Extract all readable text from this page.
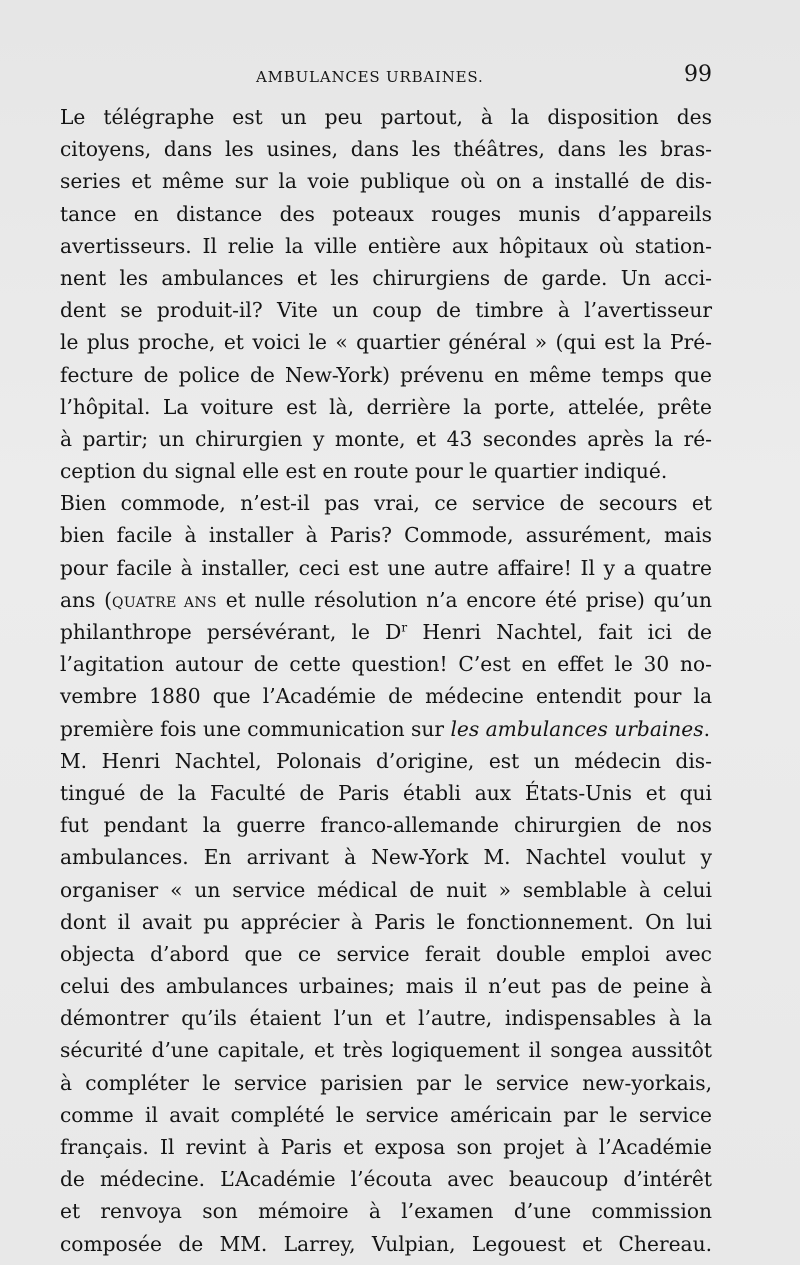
AMBULANCES URBAINES.	99
Le télégraphe est un peu partout, à la disposition des
citoyens, dans les usines, dans les théâtres, dans les bras-
series et même sur la voie publique où on a installé de dis-
tance en distance des poteaux rouges munis d’appareils
avertisseurs. Il relie la ville entière aux hôpitaux où station-
nent les ambulances et les chirurgiens de garde. Un acci-
dent se produit-il? Vite un coup de timbre à l’avertisseur
le plus proche, et voici le « quartier général » (qui est la Pré-
fecture de police de New-York) prévenu en même temps que
l’hôpital. La voiture est là, derrière la porte, attelée, prête
à partir; un chirurgien y monte, et 43 secondes après la ré-
ception du signal elle est en route pour le quartier indiqué.
Bien commode, n’est-il pas vrai, ce service de secours et
bien facile à installer à Paris? Commode, assurément, mais
pour facile à installer, ceci est une autre affaire! Il y a quatre
ans (QUATRE ANS et nulle résolution n’a encore été prise) qu’un
philanthrope persévérant, le $D^r$ Henri Nachtel, fait ici de
l’agitation autour de cette question! C’est en effet le 30 no-
vembre 1880 que l’Académie de médecine entendit pour la
première fois une communication sur les ambulances urbaines.
M. Henri Nachtel, Polonais d’origine, est un médecin dis-
tingué de la Faculté de Paris établi aux États-Unis et qui
fut pendant la guerre franco-allemande chirurgien de nos
ambulances. En arrivant à New-York M. Nachtel voulut y
organiser « un service médical de nuit » semblable à celui
dont il avait pu apprécier à Paris le fonctionnement. On lui
objecta d’abord que ce service ferait double emploi avec
celui des ambulances urbaines; mais il n’eut pas de peine à
démontrer qu’ils étaient l’un et l’autre, indispensables à la
sécurité d’une capitale, et très logiquement il songea aussitôt
à compléter le service parisien par le service new-yorkais,
comme il avait complété le service américain par le service
français. Il revint à Paris et exposa son projet à l’Académie
de médecine. L’Académie l’écouta avec beaucoup d’intérêt
et renvoya son mémoire à l’examen d’une commission
composée de MM. Larrey, Vulpian, Legouest et Chereau.
